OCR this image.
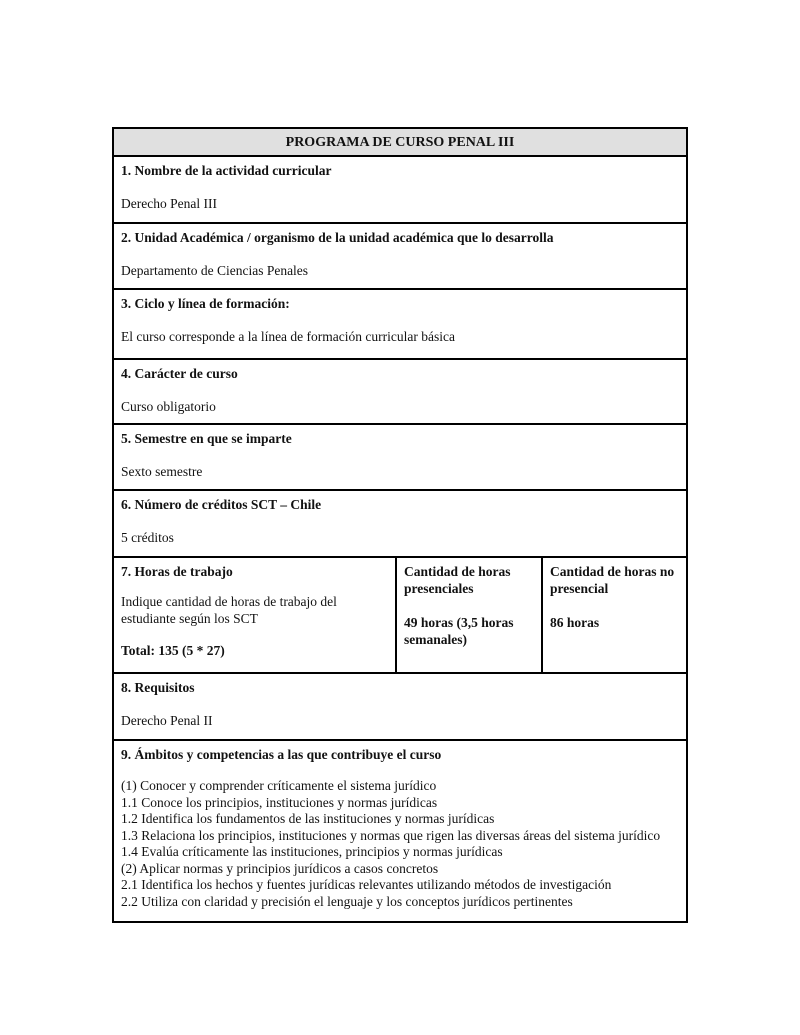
PROGRAMA DE CURSO PENAL III

1. Nombre de la actividad curricular

Derecho Penal III

2. Unidad Académica / organismo de la unidad académica que lo desarrolla

Departamento de Ciencias Penales

3. Ciclo y línea de formación:

El curso corresponde a la línea de formación curricular básica

4. Carácter de curso

Curso obligatorio

5. Semestre en que se imparte

Sexto semestre

6. Número de créditos SCT – Chile

5 créditos

7. Horas de trabajo

Indique cantidad de horas de trabajo del estudiante según los SCT

Total: 135 (5 * 27)

Cantidad de horas presenciales

49 horas (3,5 horas semanales)

Cantidad de horas no presencial

86 horas

8. Requisitos

Derecho Penal II

9. Ámbitos y competencias a las que contribuye el curso

(1) Conocer y comprender críticamente el sistema jurídico

1.1 Conoce los principios, instituciones y normas jurídicas

1.2 Identifica los fundamentos de las instituciones y normas jurídicas

1.3 Relaciona los principios, instituciones y normas que rigen las diversas áreas del sistema jurídico

1.4 Evalúa críticamente las instituciones, principios y normas jurídicas

(2) Aplicar normas y principios jurídicos a casos concretos

2.1 Identifica los hechos y fuentes jurídicas relevantes utilizando métodos de investigación

2.2 Utiliza con claridad y precisión el lenguaje y los conceptos jurídicos pertinentes
